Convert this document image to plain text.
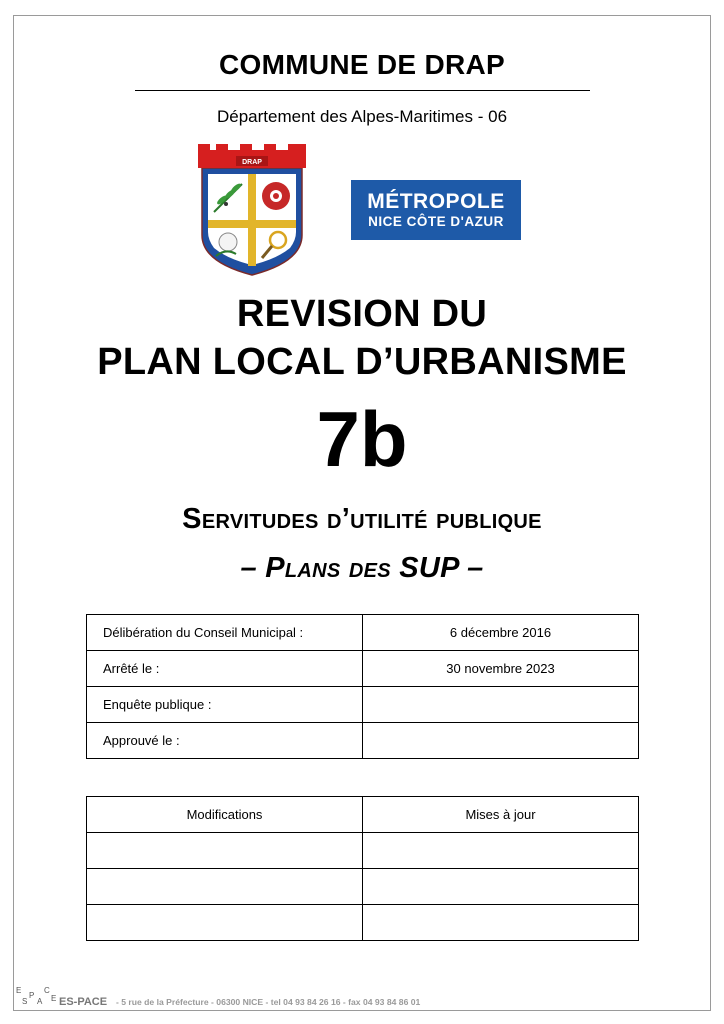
COMMUNE DE DRAP
Département des Alpes-Maritimes - 06
DRAP
MÉTROPOLE
NICE CÔTE D'AZUR
REVISION DU
PLAN LOCAL D’URBANISME
7b
Servitudes d’utilité publique
– Plans des SUP –
Délibération du Conseil Municipal :	6 décembre 2016
Arrêté le :	30 novembre 2023
Enquête publique :	
Approuvé le :	
Modifications	Mises à jour

E
S
P
A
C
E ES-PACE - 5 rue de la Préfecture - 06300 NICE - tel 04 93 84 26 16 - fax 04 93 84 86 01
